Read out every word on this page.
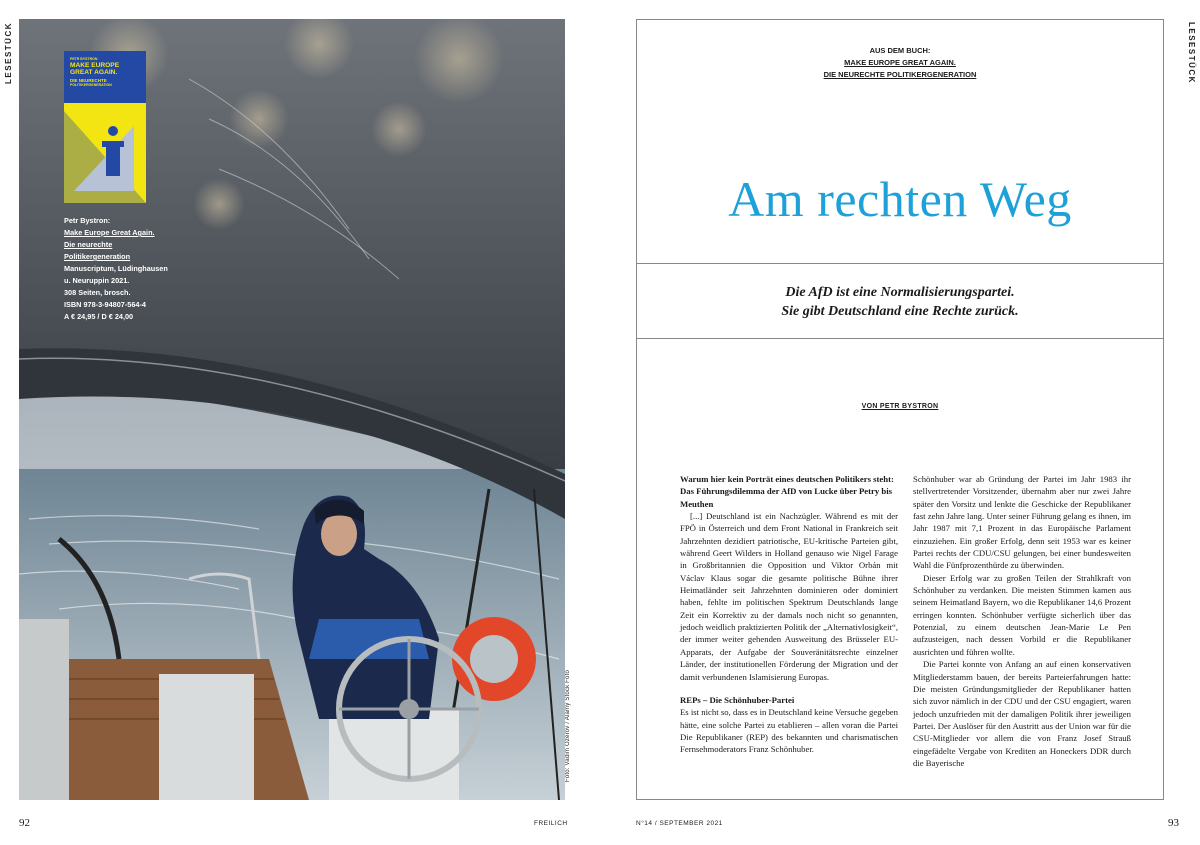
LESESTÜCK	LESESTÜCK
PETR BYSTRON
MAKE EUROPE
GREAT AGAIN.
DIE NEURECHTE
POLITIKERGENERATION
Petr Bystron:
Make Europe Great Again.
Die neurechte
Politikergeneration
Manuscriptum, Lüdinghausen
u. Neuruppin 2021.
308 Seiten, brosch.
ISBN 978-3-94807-564-4
A € 24,95 / D € 24,00
Foto: Vadim Ozerov / Alamy Stock Foto
AUS DEM BUCH:
MAKE EUROPE GREAT AGAIN.
DIE NEURECHTE POLITIKERGENERATION
Am rechten Weg
Die AfD ist eine Normalisierungspartei.
Sie gibt Deutschland eine Rechte zurück.
VON PETR BYSTRON
Warum hier kein Porträt eines deutschen Politikers steht: Das Führungsdilemma der AfD von Lucke über Petry bis Meuthen

[...] Deutschland ist ein Nachzügler. Während es mit der FPÖ in Österreich und dem Front National in Frankreich seit Jahrzehnten dezidiert patriotische, EU-kritische Parteien gibt, während Geert Wilders in Holland genauso wie Nigel Farage in Großbritannien die Opposition und Viktor Orbán mit Václav Klaus sogar die gesamte politische Bühne ihrer Heimatländer seit Jahrzehnten dominieren oder dominiert haben, fehlte im politischen Spektrum Deutschlands lange Zeit ein Korrektiv zu der damals noch nicht so genannten, jedoch weidlich praktizierten Politik der „Alternativlosigkeit“, der immer weiter gehenden Ausweitung des Brüsseler EU-Apparats, der Aufgabe der Souveränitätsrechte einzelner Länder, der institutionellen Förderung der Migration und der damit verbundenen Islamisierung Europas.

REPs – Die Schönhuber-Partei

Es ist nicht so, dass es in Deutschland keine Versuche gegeben hätte, eine solche Partei zu etablieren – allen voran die Partei Die Republikaner (REP) des bekannten und charismatischen Fernsehmoderators Franz Schönhuber.

Schönhuber war ab Gründung der Partei im Jahr 1983 ihr stellvertretender Vorsitzender, übernahm aber nur zwei Jahre später den Vorsitz und lenkte die Geschicke der Republikaner fast zehn Jahre lang. Unter seiner Führung gelang es ihnen, im Jahr 1987 mit 7,1 Prozent in das Europäische Parlament einzuziehen. Ein großer Erfolg, denn seit 1953 war es keiner Partei rechts der CDU/CSU gelungen, bei einer bundesweiten Wahl die Fünfprozenthürde zu überwinden.

Dieser Erfolg war zu großen Teilen der Strahlkraft von Schönhuber zu verdanken. Die meisten Stimmen kamen aus seinem Heimatland Bayern, wo die Republikaner 14,6 Prozent erringen konnten. Schönhuber verfügte sicherlich über das Potenzial, zu einem deutschen Jean-Marie Le Pen aufzusteigen, nach dessen Vorbild er die Republikaner ausrichten und führen wollte.

Die Partei konnte von Anfang an auf einen konservativen Mitgliederstamm bauen, der bereits Parteierfahrungen hatte: Die meisten Gründungsmitglieder der Republikaner hatten sich zuvor nämlich in der CDU und der CSU engagiert, waren jedoch unzufrieden mit der damaligen Politik ihrer jeweiligen Partei. Der Auslöser für den Austritt aus der Union war für die CSU-Mitglieder vor allem die von Franz Josef Strauß eingefädelte Vergabe von Krediten an Honeckers DDR durch die Bayerische

92	FREILICH	N°14 / SEPTEMBER 2021	93
